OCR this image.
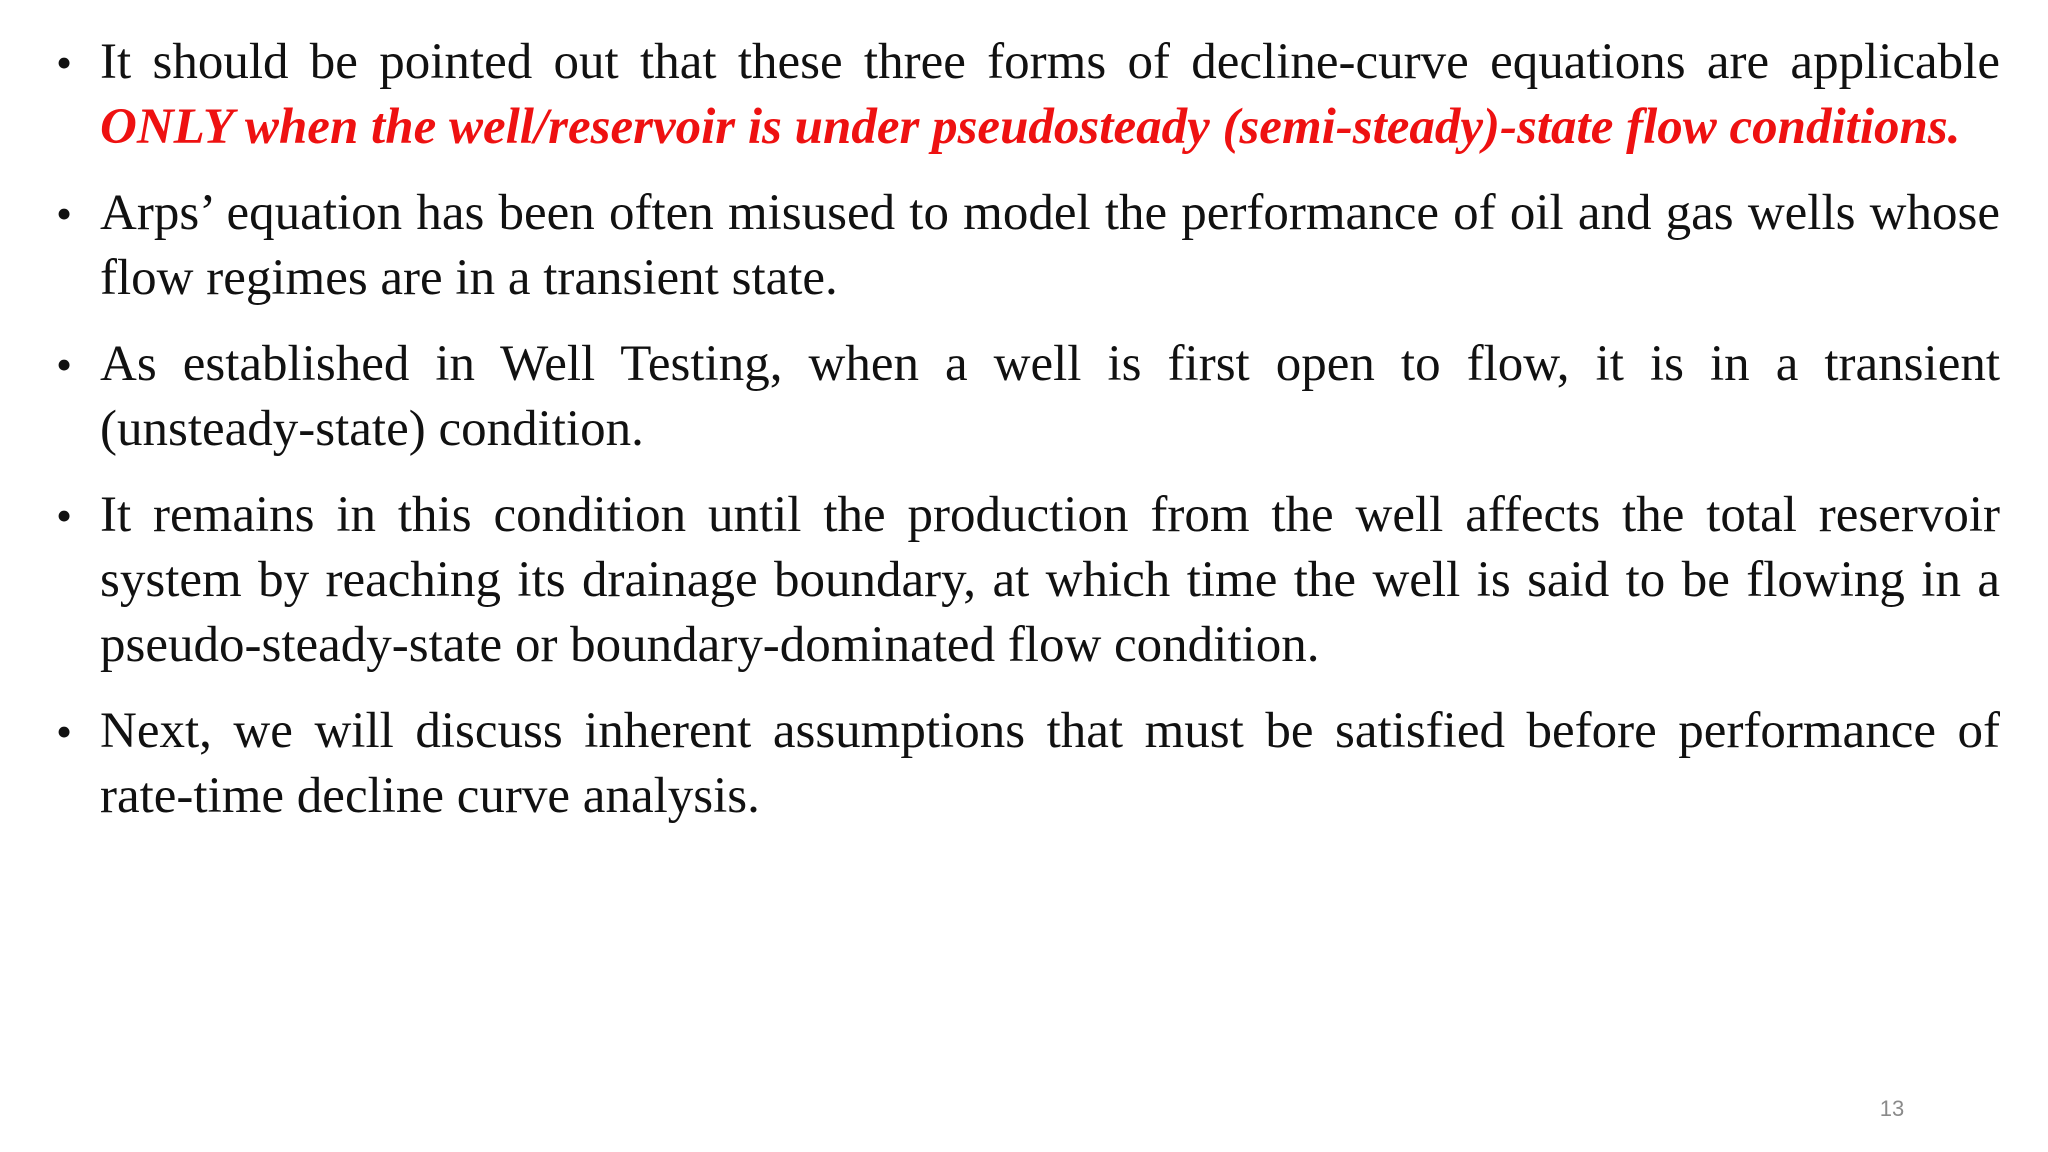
• It should be pointed out that these three forms of decline-curve equations are applicable ONLY when the well/reservoir is under pseudosteady (semi-steady)-state flow conditions.
• Arps’ equation has been often misused to model the performance of oil and gas wells whose flow regimes are in a transient state.
• As established in Well Testing, when a well is first open to flow, it is in a transient (unsteady-state) condition.
• It remains in this condition until the production from the well affects the total reservoir system by reaching its drainage boundary, at which time the well is said to be flowing in a pseudo-steady-state or boundary-dominated flow condition.
• Next, we will discuss inherent assumptions that must be satisfied before performance of rate-time decline curve analysis.
13
